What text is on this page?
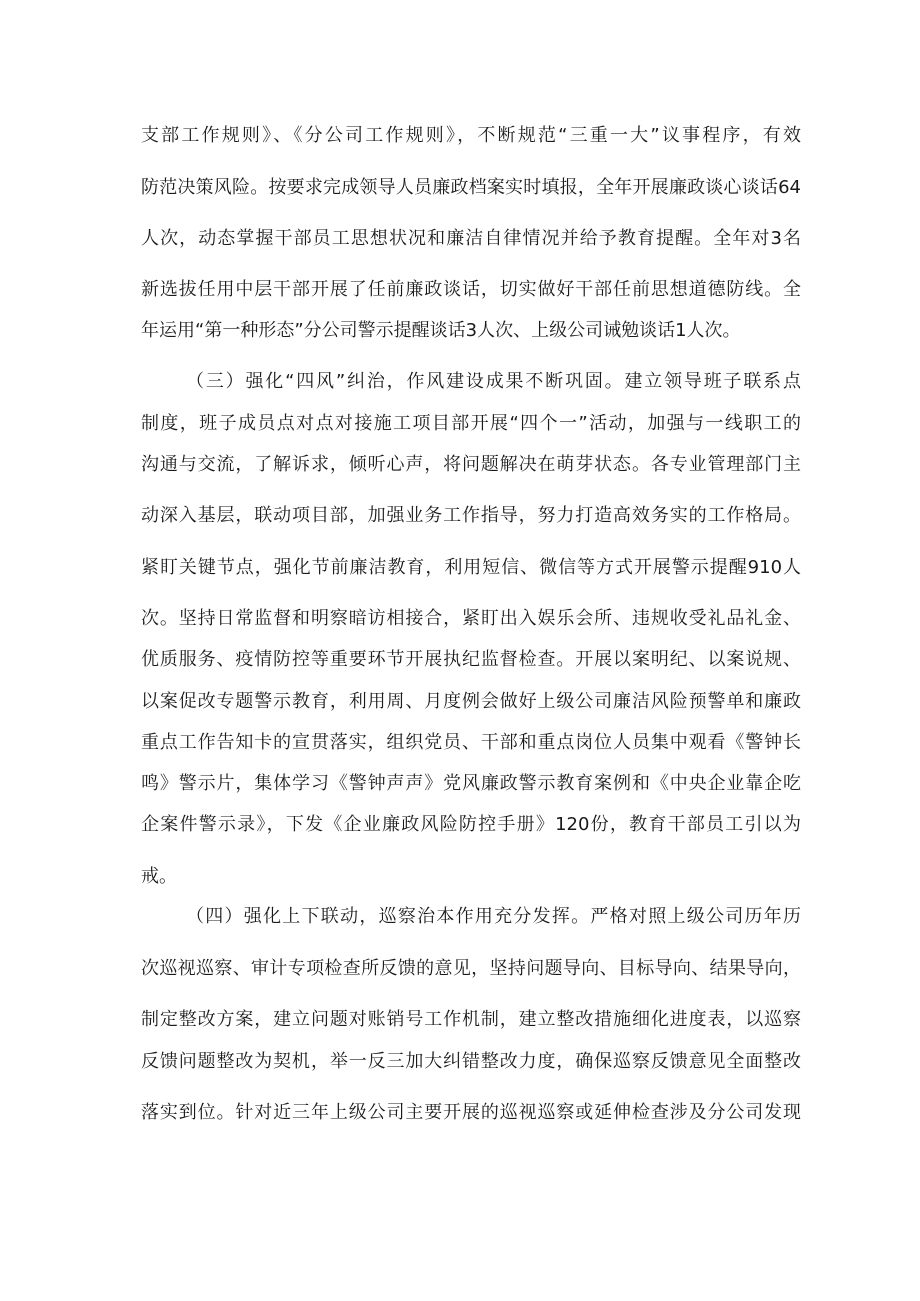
支部工作规则》、《分公司工作规则》，不断规范“三重一大”议事程序，有效
防范决策风险。按要求完成领导人员廉政档案实时填报，全年开展廉政谈心谈话64
人次，动态掌握干部员工思想状况和廉洁自律情况并给予教育提醒。全年对3名
新选拔任用中层干部开展了任前廉政谈话，切实做好干部任前思想道德防线。全
年运用“第一种形态”分公司警示提醒谈话3人次、上级公司诫勉谈话1人次。
（三）强化“四风”纠治，作风建设成果不断巩固。建立领导班子联系点
制度，班子成员点对点对接施工项目部开展“四个一”活动，加强与一线职工的
沟通与交流，了解诉求，倾听心声，将问题解决在萌芽状态。各专业管理部门主
动深入基层，联动项目部，加强业务工作指导，努力打造高效务实的工作格局。
紧盯关键节点，强化节前廉洁教育，利用短信、微信等方式开展警示提醒910人
次。坚持日常监督和明察暗访相接合，紧盯出入娱乐会所、违规收受礼品礼金、
优质服务、疫情防控等重要环节开展执纪监督检查。开展以案明纪、以案说规、
以案促改专题警示教育，利用周、月度例会做好上级公司廉洁风险预警单和廉政
重点工作告知卡的宣贯落实，组织党员、干部和重点岗位人员集中观看《警钟长
鸣》警示片，集体学习《警钟声声》党风廉政警示教育案例和《中央企业靠企吃
企案件警示录》，下发《企业廉政风险防控手册》120份，教育干部员工引以为
戒。
（四）强化上下联动，巡察治本作用充分发挥。严格对照上级公司历年历
次巡视巡察、审计专项检查所反馈的意见，坚持问题导向、目标导向、结果导向，
制定整改方案，建立问题对账销号工作机制，建立整改措施细化进度表，以巡察
反馈问题整改为契机，举一反三加大纠错整改力度，确保巡察反馈意见全面整改
落实到位。针对近三年上级公司主要开展的巡视巡察或延伸检查涉及分公司发现
